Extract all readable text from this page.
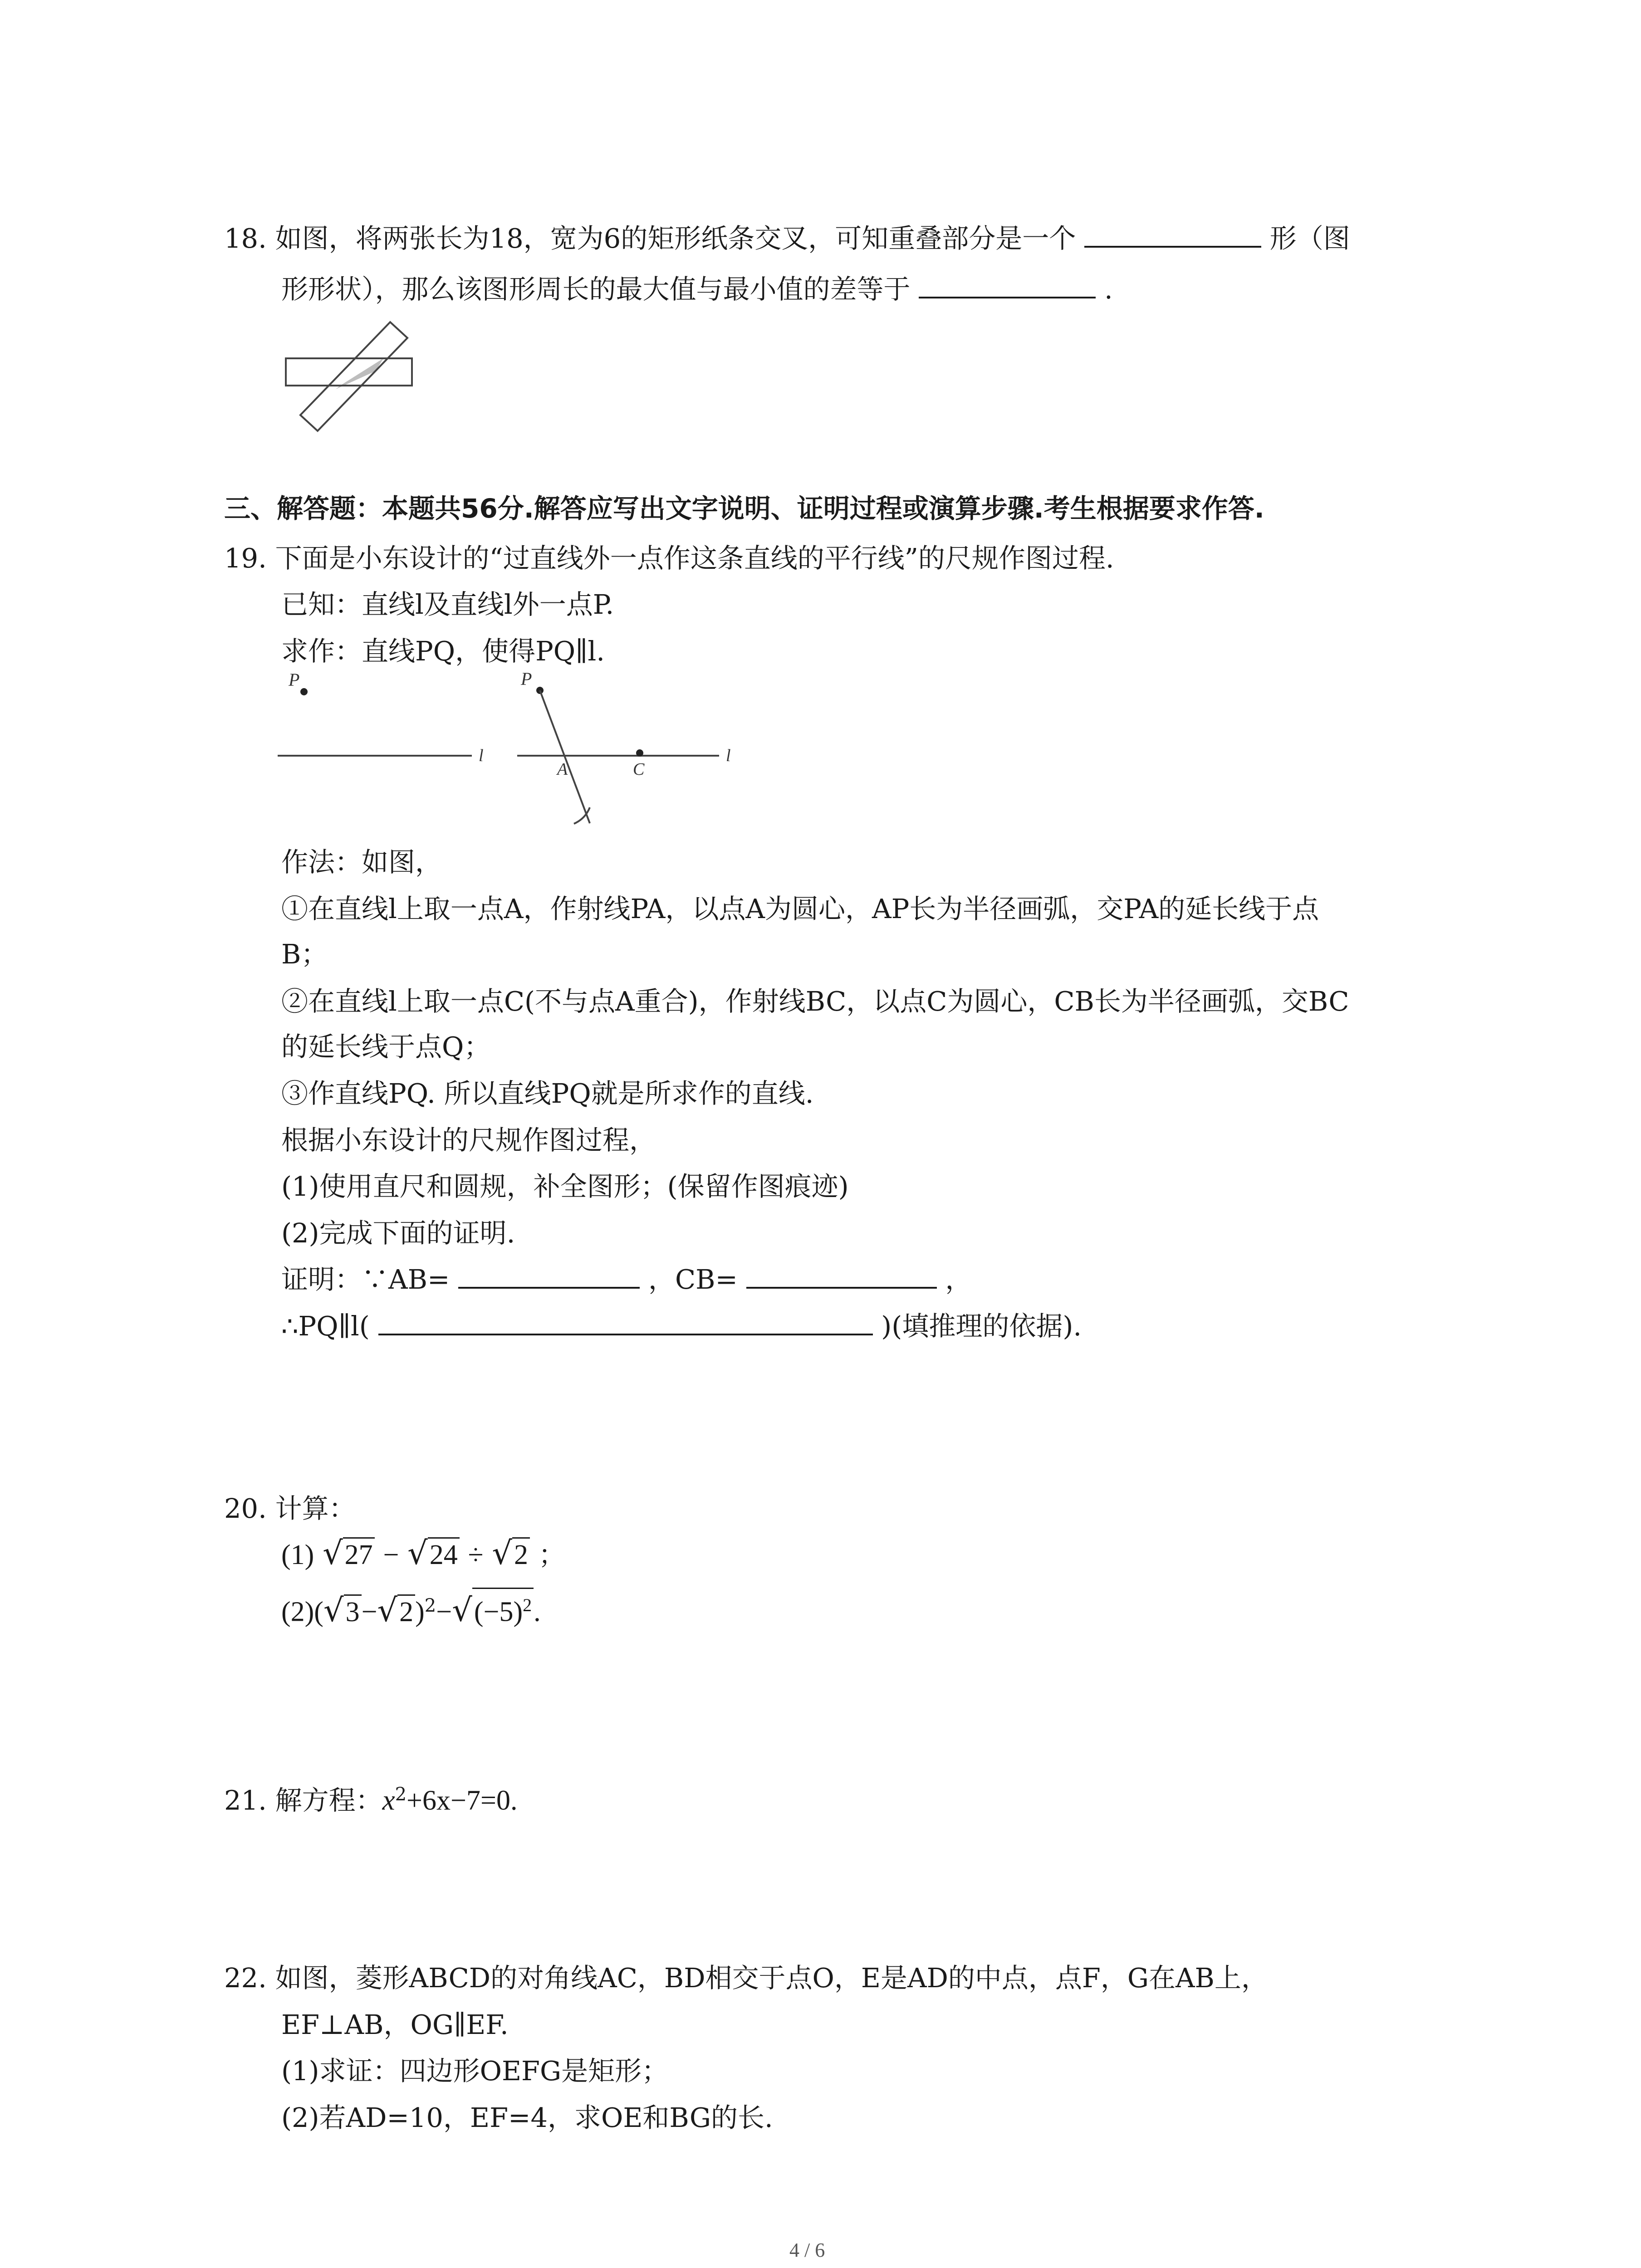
18. 如图，将两张长为18，宽为6的矩形纸条交叉，可知重叠部分是一个	形（图
形形状），那么该图形周长的最大值与最小值的差等于	.
三、解答题：本题共56分.解答应写出文字说明、证明过程或演算步骤.考生根据要求作答.
19. 下面是小东设计的“过直线外一点作这条直线的平行线”的尺规作图过程.
已知：直线l及直线l外一点P.
求作：直线PQ，使得PQ∥l.
P
l
P
A	C
l
作法：如图，
①在直线l上取一点A，作射线PA，以点A为圆心，AP长为半径画弧，交PA的延长线于点
B；
②在直线l上取一点C(不与点A重合)，作射线BC，以点C为圆心，CB长为半径画弧，交BC
的延长线于点Q；
③作直线PQ. 所以直线PQ就是所求作的直线.
根据小东设计的尺规作图过程，
(1)使用直尺和圆规，补全图形；(保留作图痕迹)
(2)完成下面的证明.
证明：∵AB=	，CB=	，
∴PQ∥l(	)(填推理的依据).
20. 计算：
(1) √27 − √24 ÷ √2 ；
$(2)(√3-√2)^2-√(-5)^2$.
21. 解方程：$x^2+6x-7=0$.
22. 如图，菱形ABCD的对角线AC，BD相交于点O，E是AD的中点，点F，G在AB上，
EF⊥AB，OG∥EF.
(1)求证：四边形OEFG是矩形；
(2)若AD=10，EF=4，求OE和BG的长.
4 / 6
